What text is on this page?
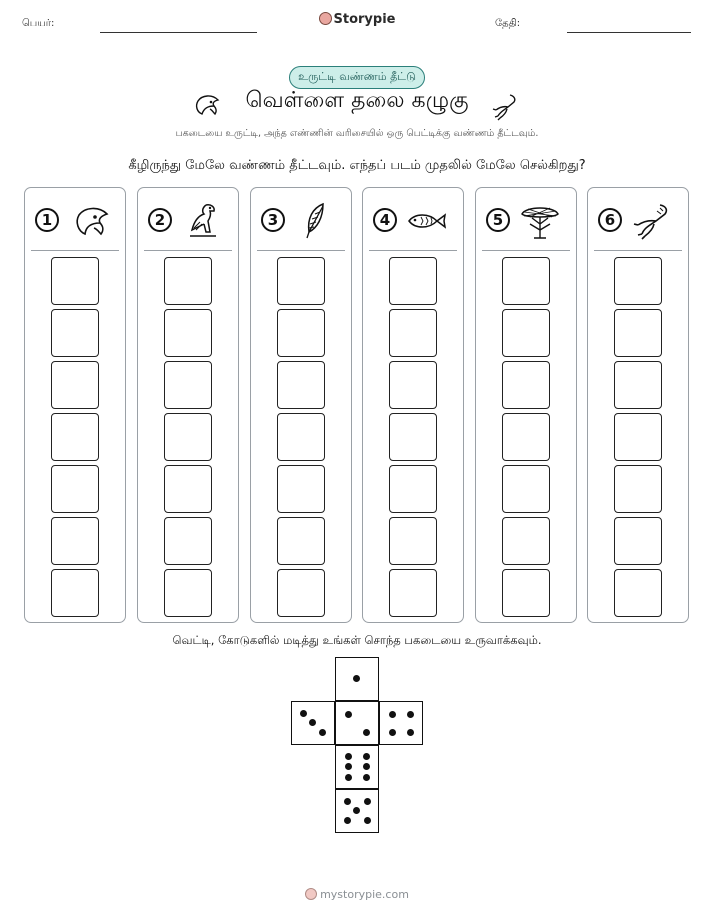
பெயர்:	Storypie	தேதி:
உருட்டி வண்ணம் தீட்டு
வெள்ளை தலை கழுகு
பகடையை உருட்டி, அந்த எண்ணின் வரிசையில் ஒரு பெட்டிக்கு வண்ணம் தீட்டவும்.
கீழிருந்து மேலே வண்ணம் தீட்டவும். எந்தப் படம் முதலில் மேலே செல்கிறது?
1	2	3	4	5	6
வெட்டி, கோடுகளில் மடித்து உங்கள் சொந்த பகடையை உருவாக்கவும்.
mystorypie.com
